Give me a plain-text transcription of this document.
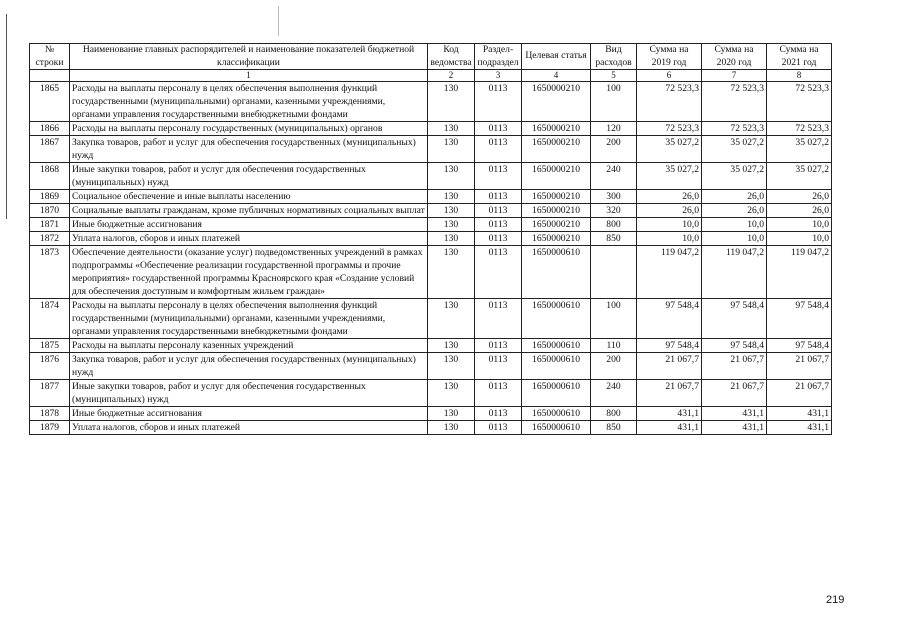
№ строки	Наименование главных распорядителей и наименование показателей бюджетной классификации	Код ведомства	Раздел-подраздел	Целевая статья	Вид расходов	Сумма на 2019 год	Сумма на 2020 год	Сумма на 2021 год
	1	2	3	4	5	6	7	8
1865	Расходы на выплаты персоналу в целях обеспечения выполнения функций государственными (муниципальными) органами, казенными учреждениями, органами управления государственными внебюджетными фондами	130	0113	1650000210	100	72 523,3	72 523,3	72 523,3
1866	Расходы на выплаты персоналу государственных (муниципальных) органов	130	0113	1650000210	120	72 523,3	72 523,3	72 523,3
1867	Закупка товаров, работ и услуг для обеспечения государственных (муниципальных) нужд	130	0113	1650000210	200	35 027,2	35 027,2	35 027,2
1868	Иные закупки товаров, работ и услуг для обеспечения государственных (муниципальных) нужд	130	0113	1650000210	240	35 027,2	35 027,2	35 027,2
1869	Социальное обеспечение и иные выплаты населению	130	0113	1650000210	300	26,0	26,0	26,0
1870	Социальные выплаты гражданам, кроме публичных нормативных социальных выплат	130	0113	1650000210	320	26,0	26,0	26,0
1871	Иные бюджетные ассигнования	130	0113	1650000210	800	10,0	10,0	10,0
1872	Уплата налогов, сборов и иных платежей	130	0113	1650000210	850	10,0	10,0	10,0
1873	Обеспечение деятельности (оказание услуг) подведомственных учреждений в рамках подпрограммы «Обеспечение реализации государственной программы и прочие мероприятия» государственной программы Красноярского края «Создание условий для обеспечения доступным и комфортным жильем граждан»	130	0113	1650000610		119 047,2	119 047,2	119 047,2
1874	Расходы на выплаты персоналу в целях обеспечения выполнения функций государственными (муниципальными) органами, казенными учреждениями, органами управления государственными внебюджетными фондами	130	0113	1650000610	100	97 548,4	97 548,4	97 548,4
1875	Расходы на выплаты персоналу казенных учреждений	130	0113	1650000610	110	97 548,4	97 548,4	97 548,4
1876	Закупка товаров, работ и услуг для обеспечения государственных (муниципальных) нужд	130	0113	1650000610	200	21 067,7	21 067,7	21 067,7
1877	Иные закупки товаров, работ и услуг для обеспечения государственных (муниципальных) нужд	130	0113	1650000610	240	21 067,7	21 067,7	21 067,7
1878	Иные бюджетные ассигнования	130	0113	1650000610	800	431,1	431,1	431,1
1879	Уплата налогов, сборов и иных платежей	130	0113	1650000610	850	431,1	431,1	431,1
219
